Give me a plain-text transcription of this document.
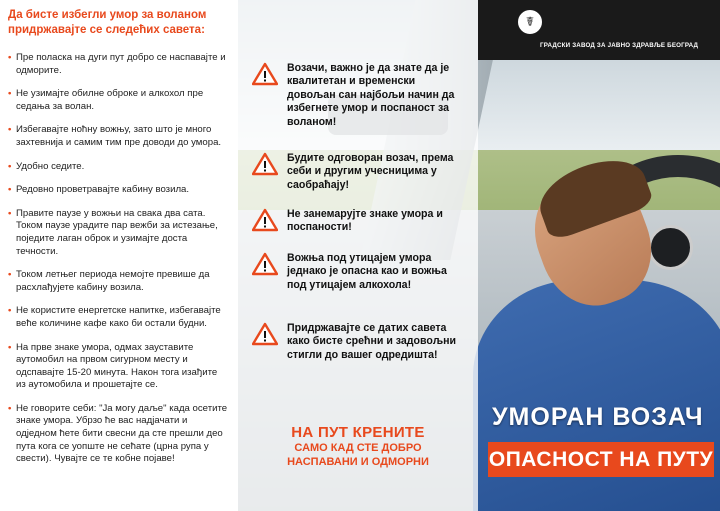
Да бисте избегли умор за воланом придржавајте се следећих савета:
• Пре поласка на дуги пут добро се наспавајте и одморите.
• Не узимајте обилне оброке и алкохол пре седања за волан.
• Избегавајте ноћну вожњу, зато што је много захтевнија и самим тим пре доводи до умора.
• Удобно седите.
• Редовно проветравајте кабину возила.
• Правите паузе у вожњи на свака два сата. Током паузе урадите пар вежби за истезање, поједите лаган оброк и узимајте доста течности.
• Током летњег периода немојте превише да расхлађујете кабину возила.
• Не користите енергетске напитке, избегавајте веће количине кафе како би остали будни.
• На прве знаке умора, одмах зауставите аутомобил на првом сигурном месту и одспавајте 15-20 минута. Након тога изађите из аутомобила и прошетајте се.
• Не говорите себи: "Ја могу даље" када осетите знаке умора. Убрзо ће вас надјачати и одједном ћете бити свесни да сте прешли део пута кога се уопште не сећате (црна рупа у свести). Чувајте се те кобне појаве!
Возачи, важно је да знате да је квалитетан и временски довољан сан најбољи начин да избегнете умор и поспаност за воланом!
Будите одговоран возач, према себи и другим учесницима у саобраћају!
Не занемарујте знаке умора и поспаности!
Вожња под утицајем умора једнако је опасна као и вожња под утицајем алкохола!
Придржавајте се датих савета како бисте срећни и задовољни стигли до вашег одредишта!
НА ПУТ КРЕНИТЕ
САМО КАД СТЕ ДОБРО
НАСПАВАНИ И ОДМОРНИ
☤
ГРАДСКИ ЗАВОД ЗА ЈАВНО ЗДРАВЉЕ БЕОГРАД
УМОРАН ВОЗАЧ
ОПАСНОСТ НА ПУТУ
